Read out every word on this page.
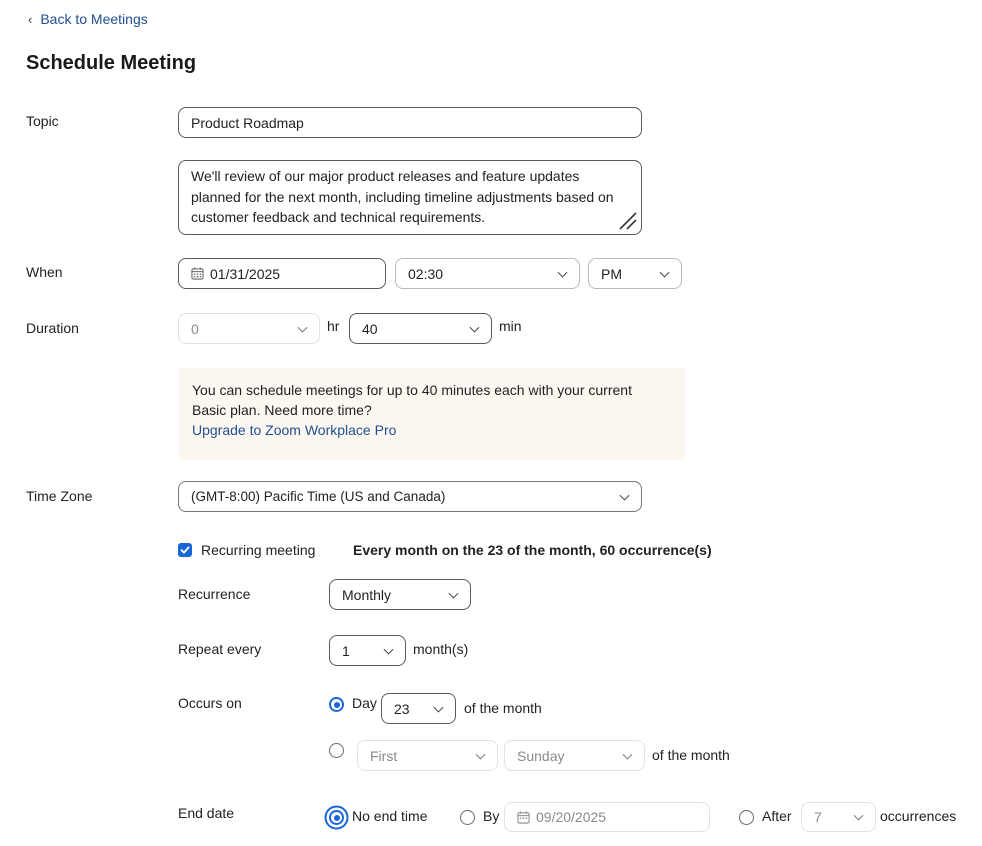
‹ Back to Meetings
Schedule Meeting
Topic	Product Roadmap
We'll review of our major product releases and feature updates planned for the next month, including timeline adjustments based on customer feedback and technical requirements.
When	01/31/2025	02:30	PM
Duration	0	hr 40	min
You can schedule meetings for up to 40 minutes each with your current Basic plan. Need more time?
Upgrade to Zoom Workplace Pro
Time Zone	(GMT-8:00) Pacific Time (US and Canada)
Recurring meeting	Every month on the 23 of the month, 60 occurrence(s)
Recurrence	Monthly
Repeat every	1	month(s)
Occurs on	Day 23	of the month
First	Sunday	of the month
End date	No end time	By	09/20/2025	After 7	occurrences
